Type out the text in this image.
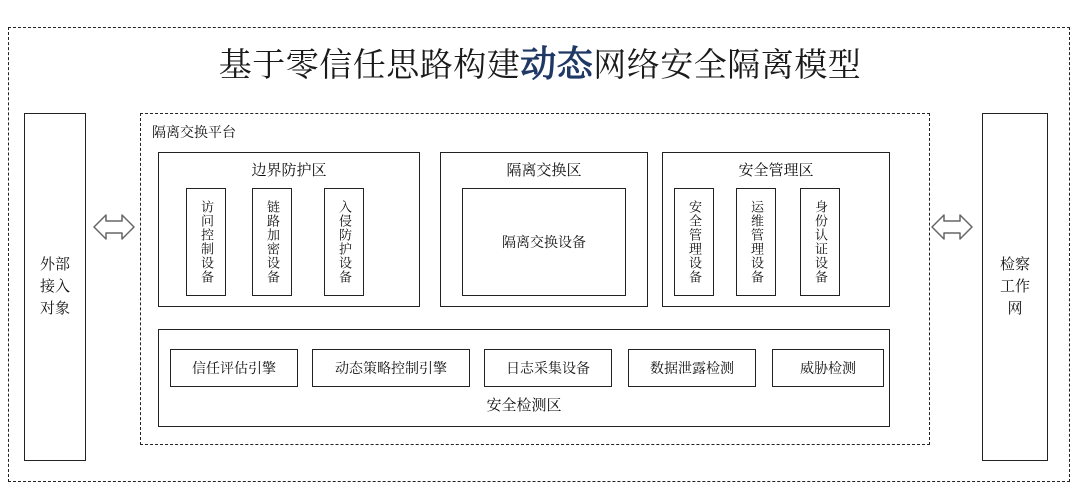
基于零信任思路构建动态网络安全隔离模型
外部接入对象
检察工作网
隔离交换平台
边界防护区
访问控制设备	链路加密设备	入侵防护设备
隔离交换区
隔离交换设备
安全管理区
安全管理设备	运维管理设备	身份认证设备
安全检测区
信任评估引擎	动态策略控制引擎	日志采集设备	数据泄露检测	威胁检测
